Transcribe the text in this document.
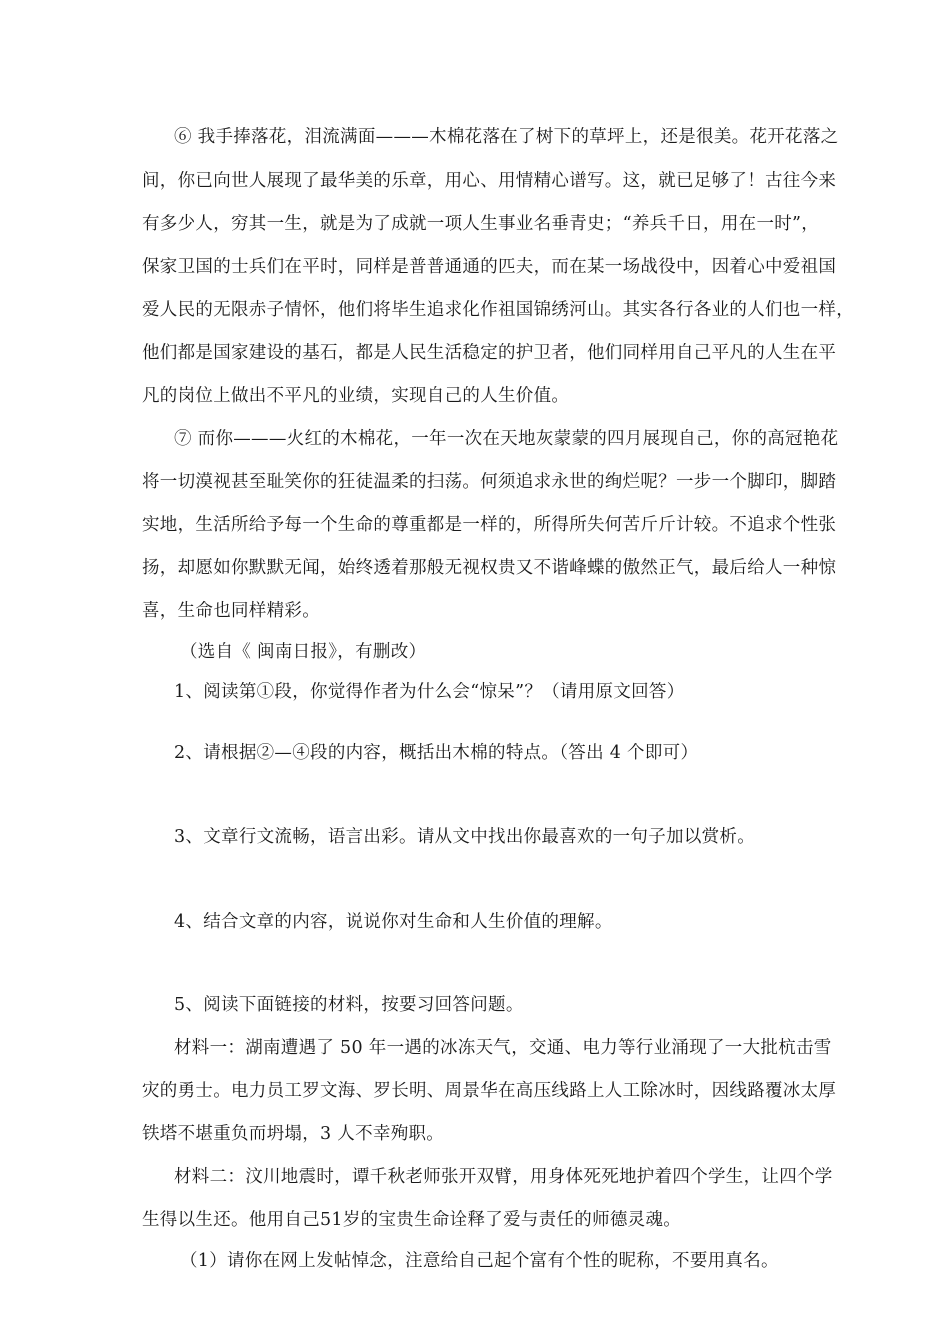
⑥ 我手捧落花，泪流满面———木棉花落在了树下的草坪上，还是很美。花开花落之
间，你已向世人展现了最华美的乐章，用心、用情精心谱写。这，就已足够了！古往今来
有多少人，穷其一生，就是为了成就一项人生事业名垂青史；“养兵千日，用在一时”，
保家卫国的士兵们在平时，同样是普普通通的匹夫，而在某一场战役中，因着心中爱祖国
爱人民的无限赤子情怀，他们将毕生追求化作祖国锦绣河山。其实各行各业的人们也一样，
他们都是国家建设的基石，都是人民生活稳定的护卫者，他们同样用自己平凡的人生在平
凡的岗位上做出不平凡的业绩，实现自己的人生价值。
⑦ 而你———火红的木棉花，一年一次在天地灰蒙蒙的四月展现自己，你的高冠艳花
将一切漠视甚至耻笑你的狂徒温柔的扫荡。何须追求永世的绚烂呢？一步一个脚印，脚踏
实地，生活所给予每一个生命的尊重都是一样的，所得所失何苦斤斤计较。不追求个性张
扬，却愿如你默默无闻，始终透着那般无视权贵又不谐峰蝶的傲然正气，最后给人一种惊
喜，生命也同样精彩。
（选自《 闽南日报》，有删改）
1、阅读第①段，你觉得作者为什么会“惊呆”？（请用原文回答）
2、请根据②—④段的内容，概括出木棉的特点。（答出 4 个即可）
3、文章行文流畅，语言出彩。请从文中找出你最喜欢的一句子加以赏析。
4、结合文章的内容，说说你对生命和人生价值的理解。
5、阅读下面链接的材料，按要习回答问题。
材料一：湖南遭遇了 50 年一遇的冰冻天气，交通、电力等行业涌现了一大批杭击雪
灾的勇士。电力员工罗文海、罗长明、周景华在高压线路上人工除冰时，因线路覆冰太厚
铁塔不堪重负而坍塌，3 人不幸殉职。
材料二：汶川地震时，谭千秋老师张开双臂，用身体死死地护着四个学生，让四个学
生得以生还。他用自己51岁的宝贵生命诠释了爱与责任的师德灵魂。
（1）请你在网上发帖悼念，注意给自己起个富有个性的昵称，不要用真名。
